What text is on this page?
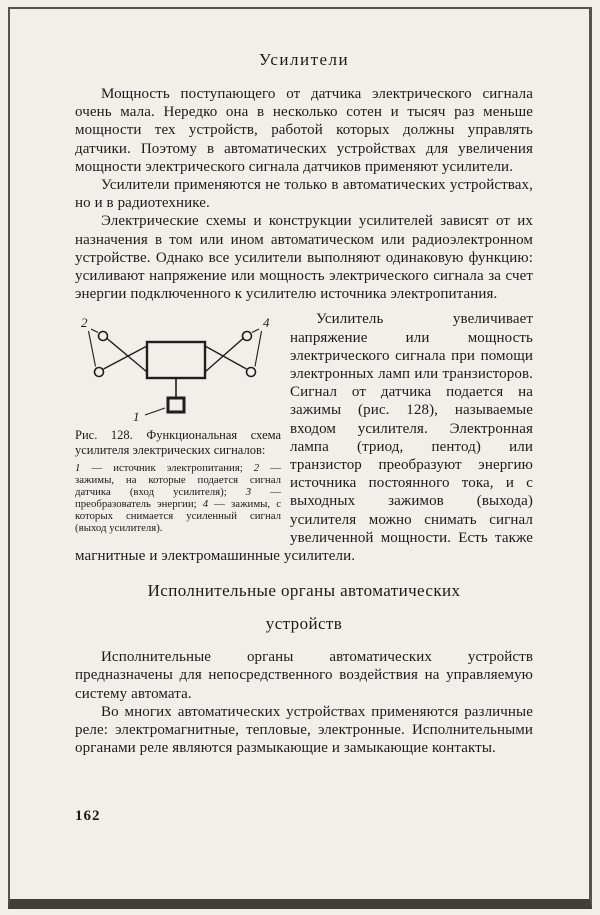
Усилители

Мощность поступающего от датчика электрического сигнала очень мала. Нередко она в несколько сотен и тысяч раз меньше мощности тех устройств, работой которых должны управлять датчики. Поэтому в автоматических устройствах для увеличения мощности электрического сигнала датчиков применяют усилители.

Усилители применяются не только в автоматических устройствах, но и в радиотехнике.

Электрические схемы и конструкции усилителей зависят от их назначения в том или ином автоматическом или радиоэлектронном устройстве. Однако все усилители выполняют одинаковую функцию: усиливают напряжение или мощность электрического сигнала за счет энергии подключенного к усилителю источника электропитания.

2	4
1
Рис. 128. Функциональная схема усилителя электрических сигналов:
1 — источник электропитания; 2 — зажимы, на которые подается сигнал датчика (вход усилителя); 3 — преобразователь энергии; 4 — зажимы, с которых снимается усиленный сигнал (выход усилителя).

Усилитель увеличивает напряжение или мощность электрического сигнала при помощи электронных ламп или транзисторов. Сигнал от датчика подается на зажимы (рис. 128), называемые входом усилителя. Электронная лампа (триод, пентод) или транзистор преобразуют энергию источника постоянного тока, и с выходных зажимов (выхода) усилителя можно снимать сигнал увеличенной мощности. Есть также магнитные и электромашинные усилители.

Исполнительные органы автоматических
устройств

Исполнительные органы автоматических устройств предназначены для непосредственного воздействия на управляемую систему автомата.

Во многих автоматических устройствах применяются различные реле: электромагнитные, тепловые, электронные. Исполнительными органами реле являются размыкающие и замыкающие контакты.

162
